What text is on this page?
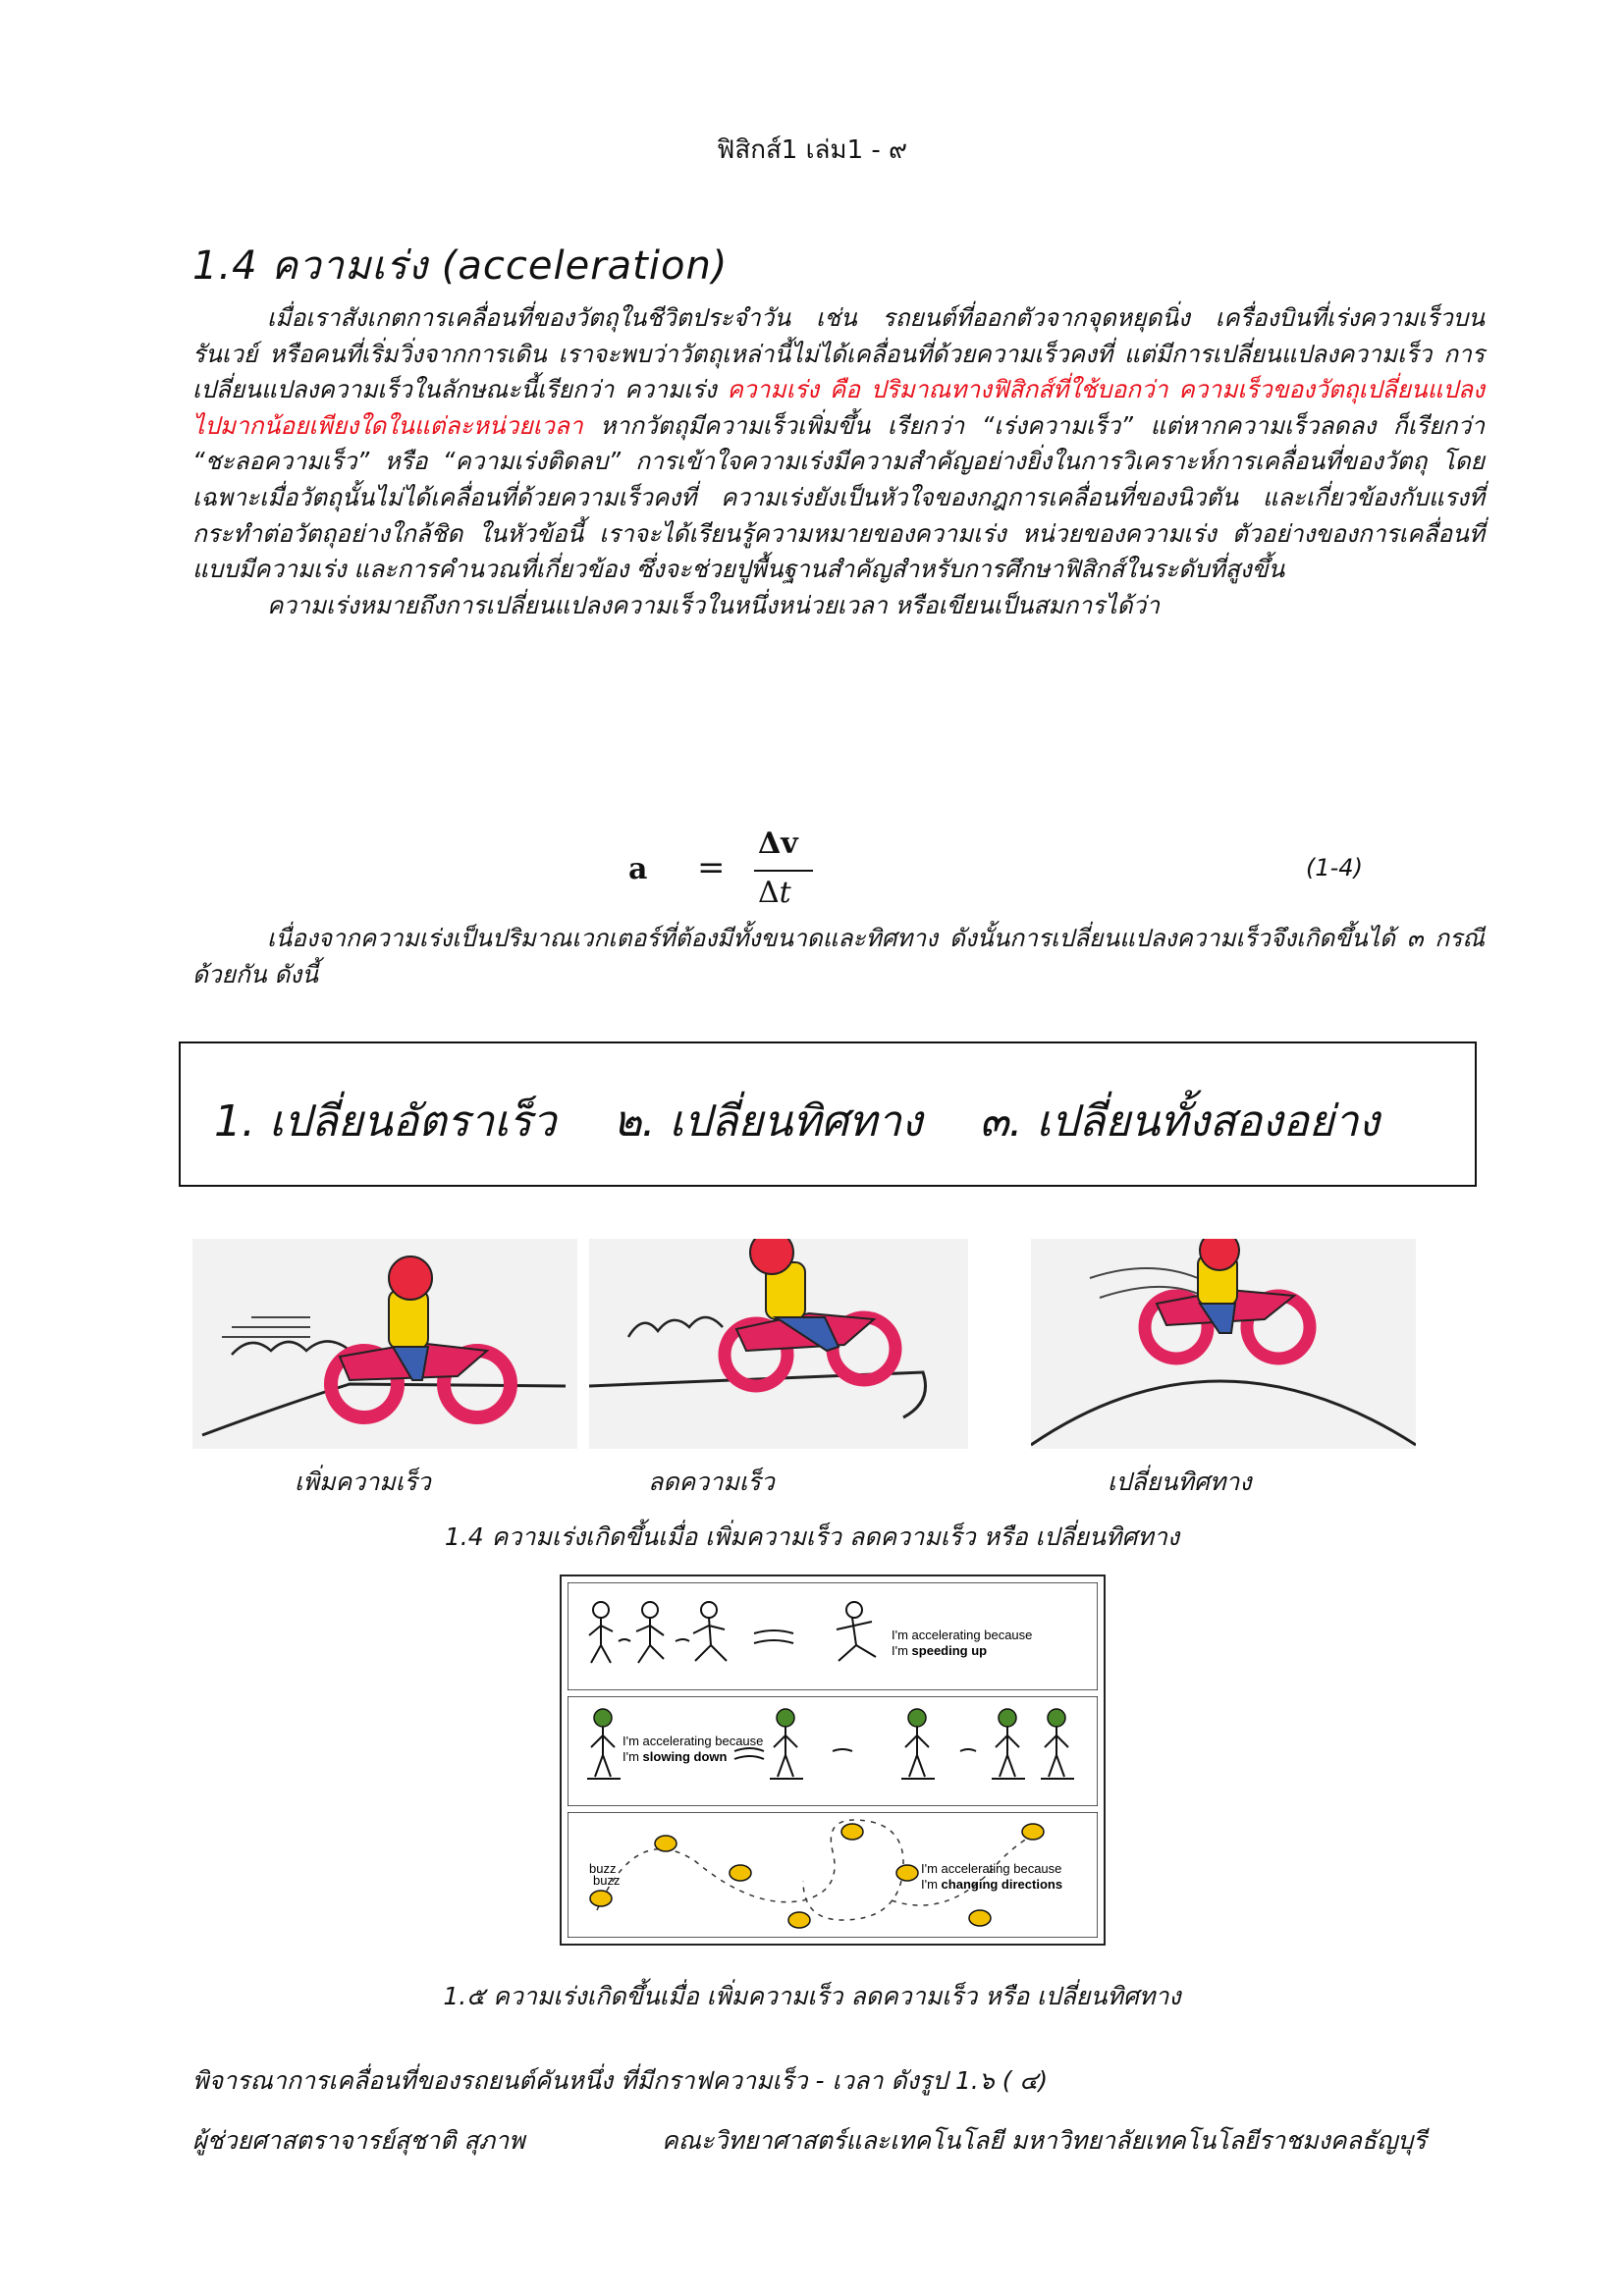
ฟิสิกส์1 เล่ม1 - ๙
1.4 ความเร่ง (acceleration)

เมื่อเราสังเกตการเคลื่อนที่ของวัตถุในชีวิตประจำวัน เช่น รถยนต์ที่ออกตัวจากจุดหยุดนิ่ง เครื่องบินที่เร่งความเร็วบนรันเวย์ หรือคนที่เริ่มวิ่งจากการเดิน เราจะพบว่าวัตถุเหล่านี้ไม่ได้เคลื่อนที่ด้วยความเร็วคงที่ แต่มีการเปลี่ยนแปลงความเร็ว การเปลี่ยนแปลงความเร็วในลักษณะนี้เรียกว่า ความเร่ง ความเร่ง คือ ปริมาณทางฟิสิกส์ที่ใช้บอกว่า ความเร็วของวัตถุเปลี่ยนแปลงไปมากน้อยเพียงใดในแต่ละหน่วยเวลา หากวัตถุมีความเร็วเพิ่มขึ้น เรียกว่า “เร่งความเร็ว” แต่หากความเร็วลดลง ก็เรียกว่า “ชะลอความเร็ว” หรือ “ความเร่งติดลบ” การเข้าใจความเร่งมีความสำคัญอย่างยิ่งในการวิเคราะห์การเคลื่อนที่ของวัตถุ โดยเฉพาะเมื่อวัตถุนั้นไม่ได้เคลื่อนที่ด้วยความเร็วคงที่ ความเร่งยังเป็นหัวใจของกฎการเคลื่อนที่ของนิวตัน และเกี่ยวข้องกับแรงที่กระทำต่อวัตถุอย่างใกล้ชิด ในหัวข้อนี้ เราจะได้เรียนรู้ความหมายของความเร่ง หน่วยของความเร่ง ตัวอย่างของการเคลื่อนที่แบบมีความเร่ง และการคำนวณที่เกี่ยวข้อง ซึ่งจะช่วยปูพื้นฐานสำคัญสำหรับการศึกษาฟิสิกส์ในระดับที่สูงขึ้น

ความเร่งหมายถึงการเปลี่ยนแปลงความเร็วในหนึ่งหน่วยเวลา หรือเขียนเป็นสมการได้ว่า

a =
Δv
Δt
(1-4)

เนื่องจากความเร่งเป็นปริมาณเวกเตอร์ที่ต้องมีทั้งขนาดและทิศทาง ดังนั้นการเปลี่ยนแปลงความเร็วจึงเกิดขึ้นได้ ๓ กรณีด้วยกัน ดังนี้

1. เปลี่ยนอัตราเร็ว ๒. เปลี่ยนทิศทาง ๓. เปลี่ยนทั้งสองอย่าง
เพิ่มความเร็ว	ลดความเร็ว	เปลี่ยนทิศทาง
1.4 ความเร่งเกิดขึ้นเมื่อ เพิ่มความเร็ว ลดความเร็ว หรือ เปลี่ยนทิศทาง
I'm accelerating because
I'm speeding up
I'm accelerating because
I'm slowing down
buzz
buzz
I'm accelerating because
I'm changing directions
1.๕ ความเร่งเกิดขึ้นเมื่อ เพิ่มความเร็ว ลดความเร็ว หรือ เปลี่ยนทิศทาง
พิจารณาการเคลื่อนที่ของรถยนต์คันหนึ่ง ที่มีกราฟความเร็ว - เวลา ดังรูป 1.๖ ( ๔)
ผู้ช่วยศาสตราจารย์สุชาติ สุภาพ	คณะวิทยาศาสตร์และเทคโนโลยี มหาวิทยาลัยเทคโนโลยีราชมงคลธัญบุรี
